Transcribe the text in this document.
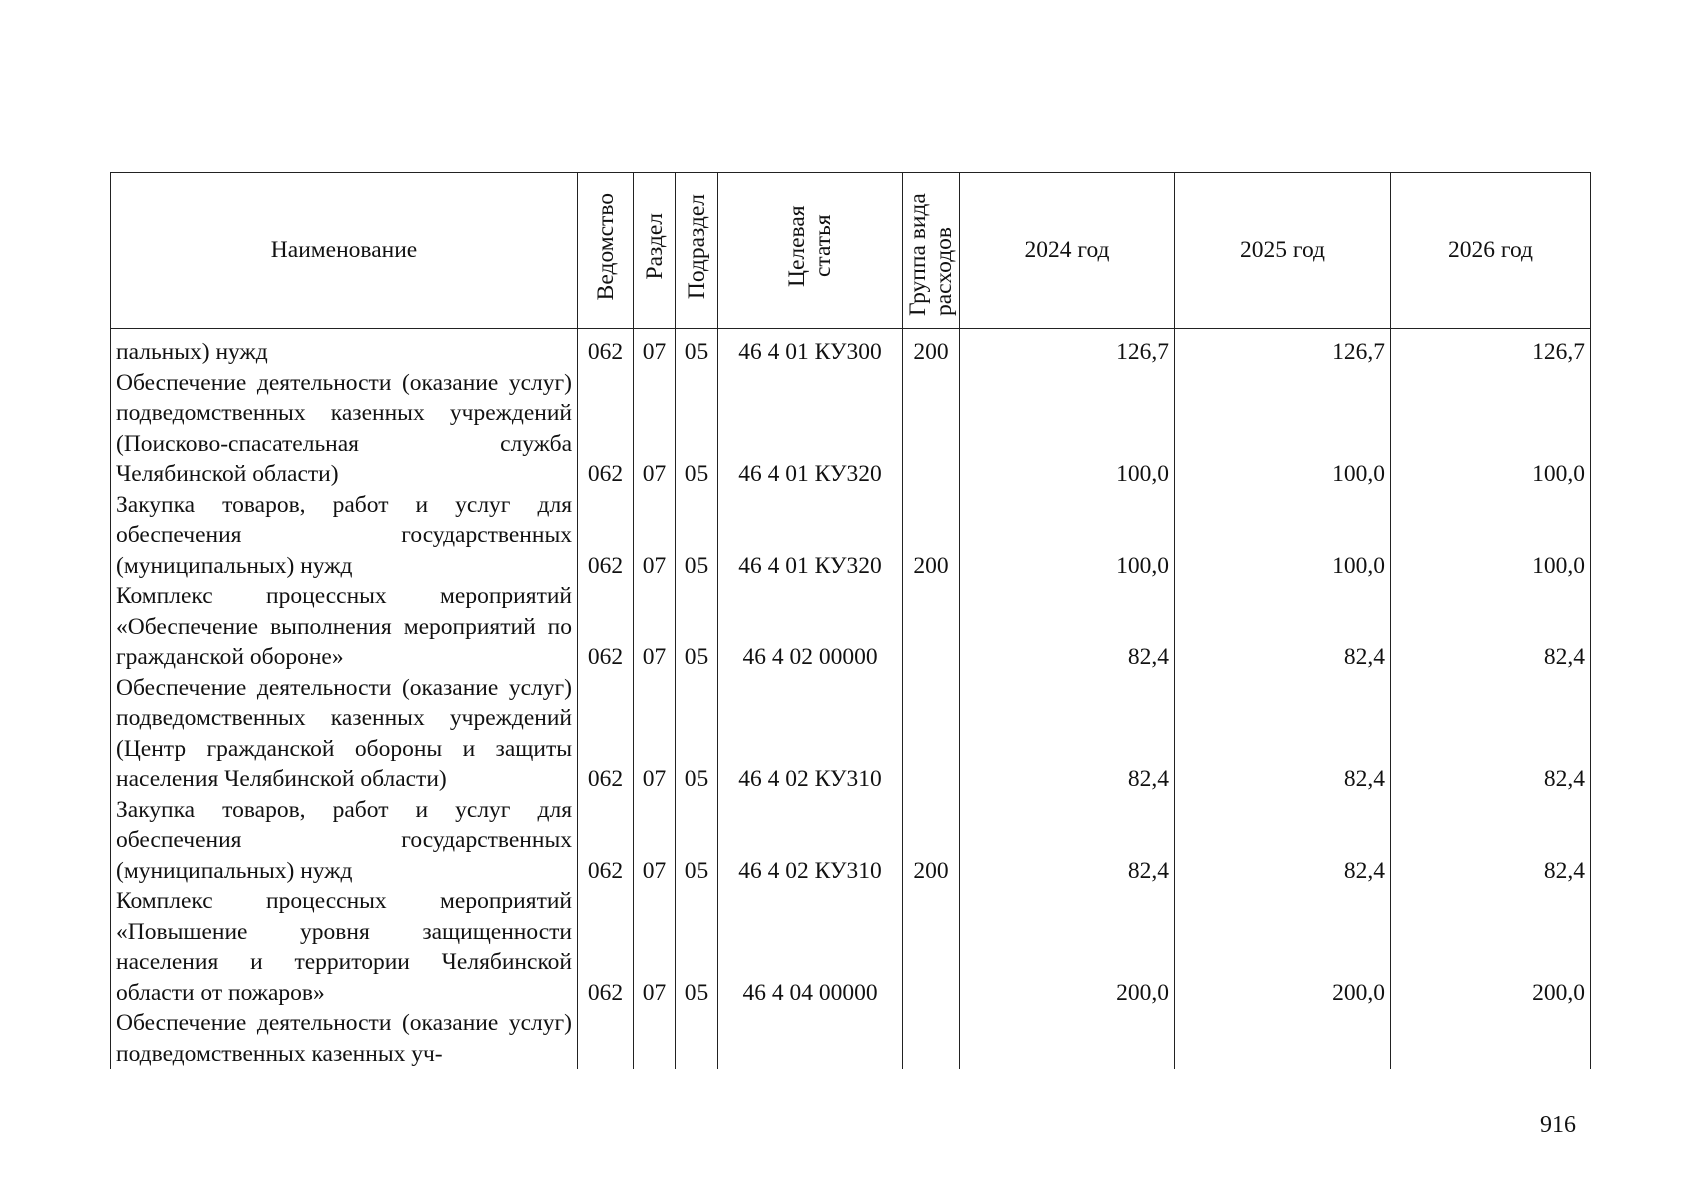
Наименование	Ведомство	Раздел	Подраздел	Целевая статья	Группа вида расходов	2024 год	2025 год	2026 год
пальных) нужд	062	07	05	46 4 01 КУ300	200	126,7	126,7	126,7
Обеспечение деятельности (оказание услуг) подведомственных казенных учреждений (Поисково-спасательная служба Челябинской области)	062	07	05	46 4 01 КУ320		100,0	100,0	100,0
Закупка товаров, работ и услуг для обеспечения государственных (муниципальных) нужд	062	07	05	46 4 01 КУ320	200	100,0	100,0	100,0
Комплекс процессных мероприятий «Обеспечение выполнения мероприятий по гражданской обороне»	062	07	05	46 4 02 00000		82,4	82,4	82,4
Обеспечение деятельности (оказание услуг) подведомственных казенных учреждений (Центр гражданской обороны и защиты населения Челябинской области)	062	07	05	46 4 02 КУ310		82,4	82,4	82,4
Закупка товаров, работ и услуг для обеспечения государственных (муниципальных) нужд	062	07	05	46 4 02 КУ310	200	82,4	82,4	82,4
Комплекс процессных мероприятий «Повышение уровня защищенности населения и территории Челябинской области от пожаров»	062	07	05	46 4 04 00000		200,0	200,0	200,0
Обеспечение деятельности (оказание услуг) подведомственных казенных уч-								
916
